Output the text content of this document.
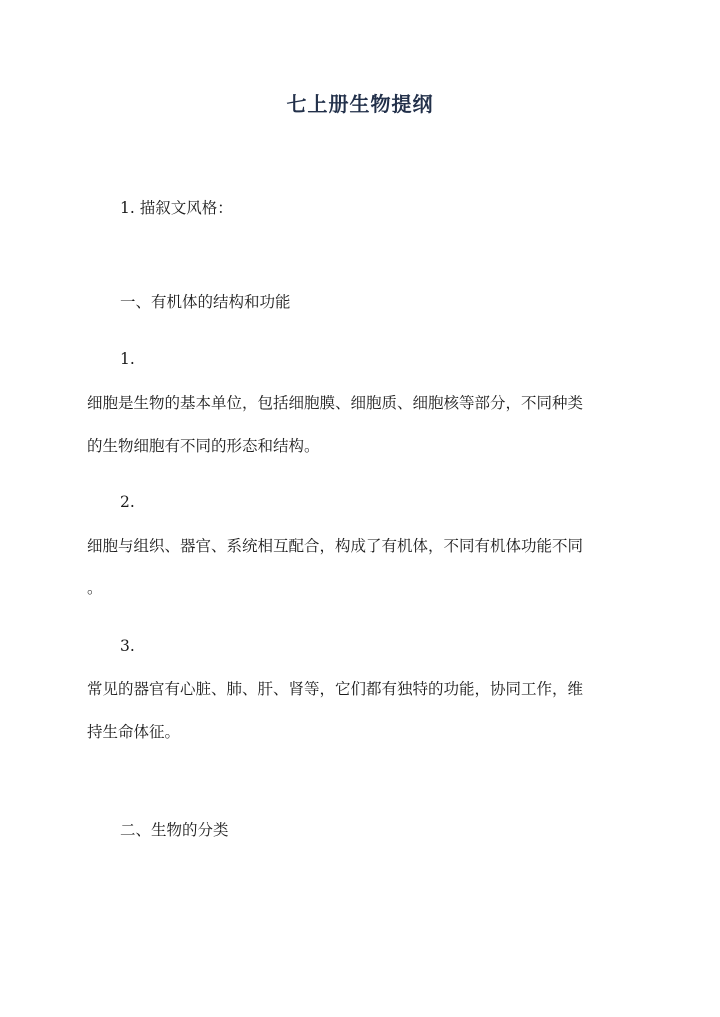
七上册生物提纲
1. 描叙文风格：
一、有机体的结构和功能
1.
细胞是生物的基本单位，包括细胞膜、细胞质、细胞核等部分，不同种类
的生物细胞有不同的形态和结构。
2.
细胞与组织、器官、系统相互配合，构成了有机体，不同有机体功能不同
。
3.
常见的器官有心脏、肺、肝、肾等，它们都有独特的功能，协同工作，维
持生命体征。
二、生物的分类
